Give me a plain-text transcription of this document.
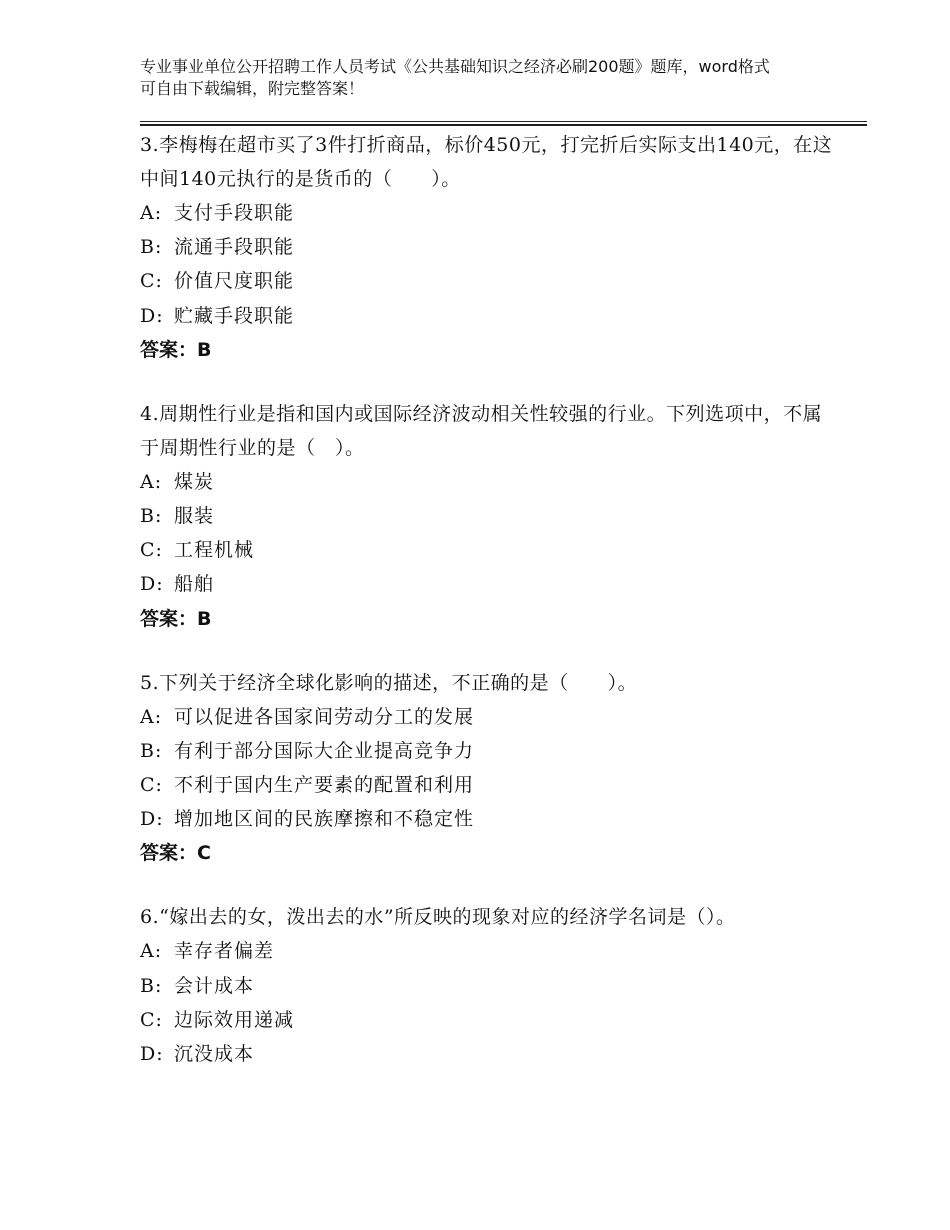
专业事业单位公开招聘工作人员考试《公共基础知识之经济必刷200题》题库，word格式可自由下载编辑，附完整答案！

3.李梅梅在超市买了3件打折商品，标价450元，打完折后实际支出140元，在这中间140元执行的是货币的（　　）。

A: 支付手段职能

B: 流通手段职能

C: 价值尺度职能

D: 贮藏手段职能

答案：B

4.周期性行业是指和国内或国际经济波动相关性较强的行业。下列选项中，不属于周期性行业的是（　）。

A: 煤炭

B: 服装

C: 工程机械

D: 船舶

答案：B

5.下列关于经济全球化影响的描述，不正确的是（　　）。

A: 可以促进各国家间劳动分工的发展

B: 有利于部分国际大企业提高竞争力

C: 不利于国内生产要素的配置和利用

D: 增加地区间的民族摩擦和不稳定性

答案：C

6.“嫁出去的女，泼出去的水”所反映的现象对应的经济学名词是（）。

A: 幸存者偏差

B: 会计成本

C: 边际效用递减

D: 沉没成本
